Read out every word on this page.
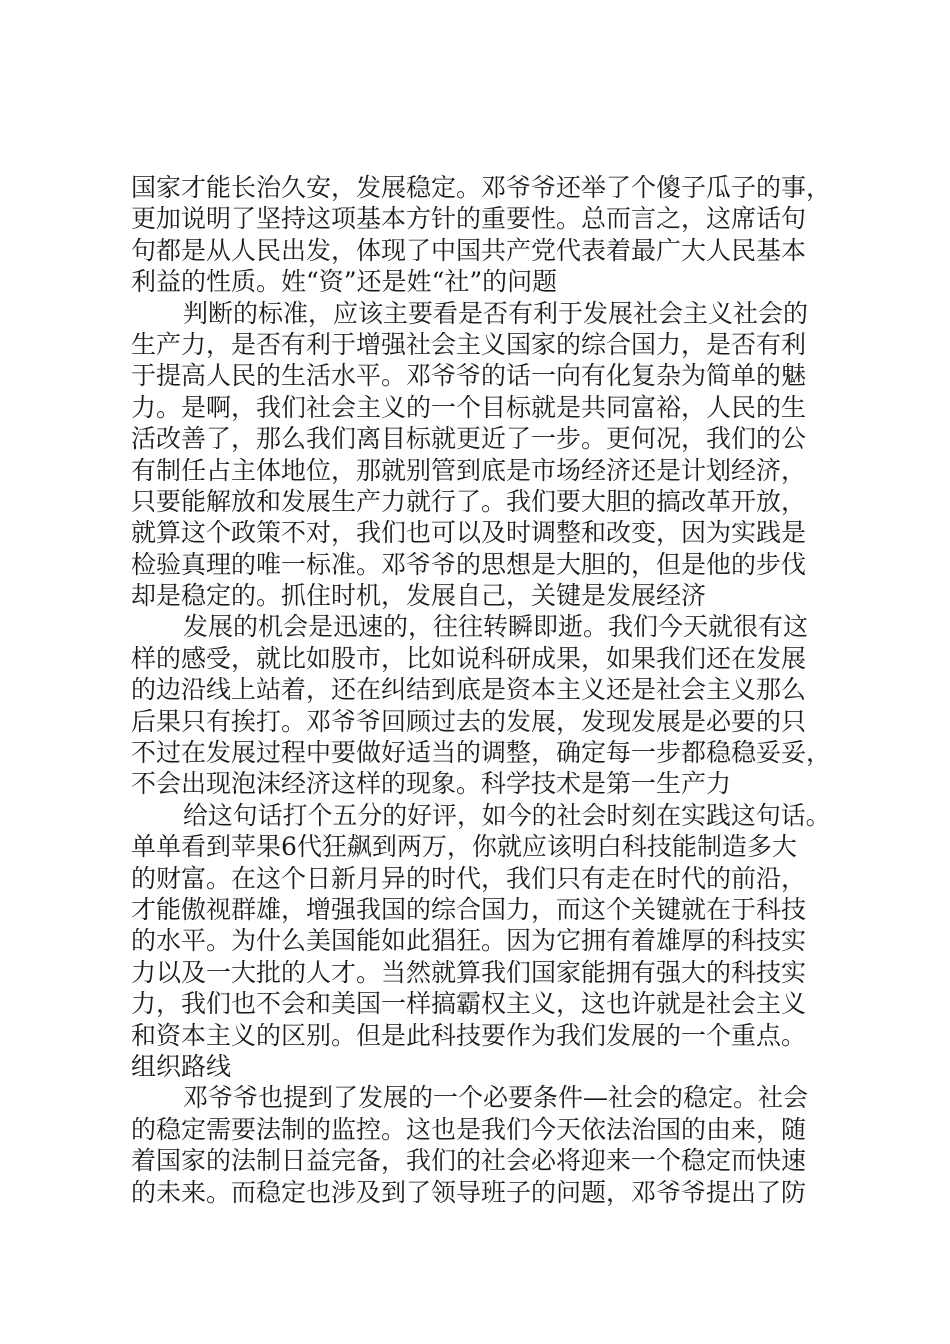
国家才能长治久安，发展稳定。邓爷爷还举了个傻子瓜子的事，
更加说明了坚持这项基本方针的重要性。总而言之，这席话句
句都是从人民出发，体现了中国共产党代表着最广大人民基本
利益的性质。姓“资”还是姓“社”的问题
判断的标准，应该主要看是否有利于发展社会主义社会的
生产力，是否有利于增强社会主义国家的综合国力，是否有利
于提高人民的生活水平。邓爷爷的话一向有化复杂为简单的魅
力。是啊，我们社会主义的一个目标就是共同富裕，人民的生
活改善了，那么我们离目标就更近了一步。更何况，我们的公
有制任占主体地位，那就别管到底是市场经济还是计划经济，
只要能解放和发展生产力就行了。我们要大胆的搞改革开放，
就算这个政策不对，我们也可以及时调整和改变，因为实践是
检验真理的唯一标准。邓爷爷的思想是大胆的，但是他的步伐
却是稳定的。抓住时机，发展自己，关键是发展经济
发展的机会是迅速的，往往转瞬即逝。我们今天就很有这
样的感受，就比如股市，比如说科研成果，如果我们还在发展
的边沿线上站着，还在纠结到底是资本主义还是社会主义那么
后果只有挨打。邓爷爷回顾过去的发展，发现发展是必要的只
不过在发展过程中要做好适当的调整，确定每一步都稳稳妥妥，
不会出现泡沫经济这样的现象。科学技术是第一生产力
给这句话打个五分的好评，如今的社会时刻在实践这句话。
单单看到苹果6代狂飙到两万，你就应该明白科技能制造多大
的财富。在这个日新月异的时代，我们只有走在时代的前沿，
才能傲视群雄，增强我国的综合国力，而这个关键就在于科技
的水平。为什么美国能如此猖狂。因为它拥有着雄厚的科技实
力以及一大批的人才。当然就算我们国家能拥有强大的科技实
力，我们也不会和美国一样搞霸权主义，这也许就是社会主义
和资本主义的区别。但是此科技要作为我们发展的一个重点。
组织路线
邓爷爷也提到了发展的一个必要条件—社会的稳定。社会
的稳定需要法制的监控。这也是我们今天依法治国的由来，随
着国家的法制日益完备，我们的社会必将迎来一个稳定而快速
的未来。而稳定也涉及到了领导班子的问题，邓爷爷提出了防
